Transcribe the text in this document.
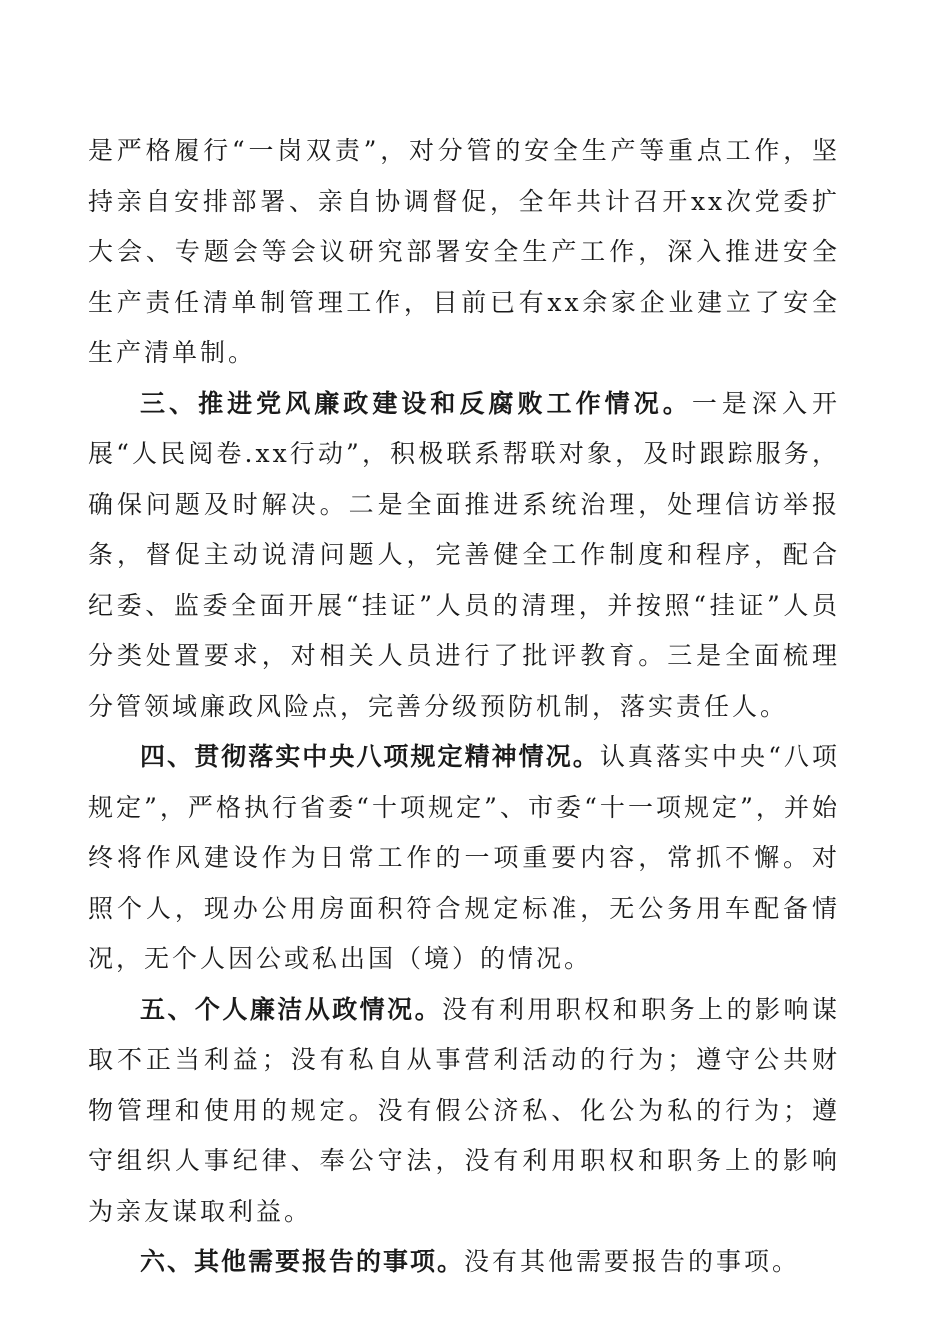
是严格履行“一岗双责”，对分管的安全生产等重点工作，坚持亲自安排部署、亲自协调督促，全年共计召开xx次党委扩大会、专题会等会议研究部署安全生产工作，深入推进安全生产责任清单制管理工作，目前已有xx余家企业建立了安全生产清单制。

三、推进党风廉政建设和反腐败工作情况。一是深入开展“人民阅卷.xx行动”，积极联系帮联对象，及时跟踪服务，确保问题及时解决。二是全面推进系统治理，处理信访举报条，督促主动说清问题人，完善健全工作制度和程序，配合纪委、监委全面开展“挂证”人员的清理，并按照“挂证”人员分类处置要求，对相关人员进行了批评教育。三是全面梳理分管领域廉政风险点，完善分级预防机制，落实责任人。

四、贯彻落实中央八项规定精神情况。认真落实中央“八项规定”，严格执行省委“十项规定”、市委“十一项规定”，并始终将作风建设作为日常工作的一项重要内容，常抓不懈。对照个人，现办公用房面积符合规定标准，无公务用车配备情况，无个人因公或私出国（境）的情况。

五、个人廉洁从政情况。没有利用职权和职务上的影响谋取不正当利益；没有私自从事营利活动的行为；遵守公共财物管理和使用的规定。没有假公济私、化公为私的行为；遵守组织人事纪律、奉公守法，没有利用职权和职务上的影响为亲友谋取利益。

六、其他需要报告的事项。没有其他需要报告的事项。
